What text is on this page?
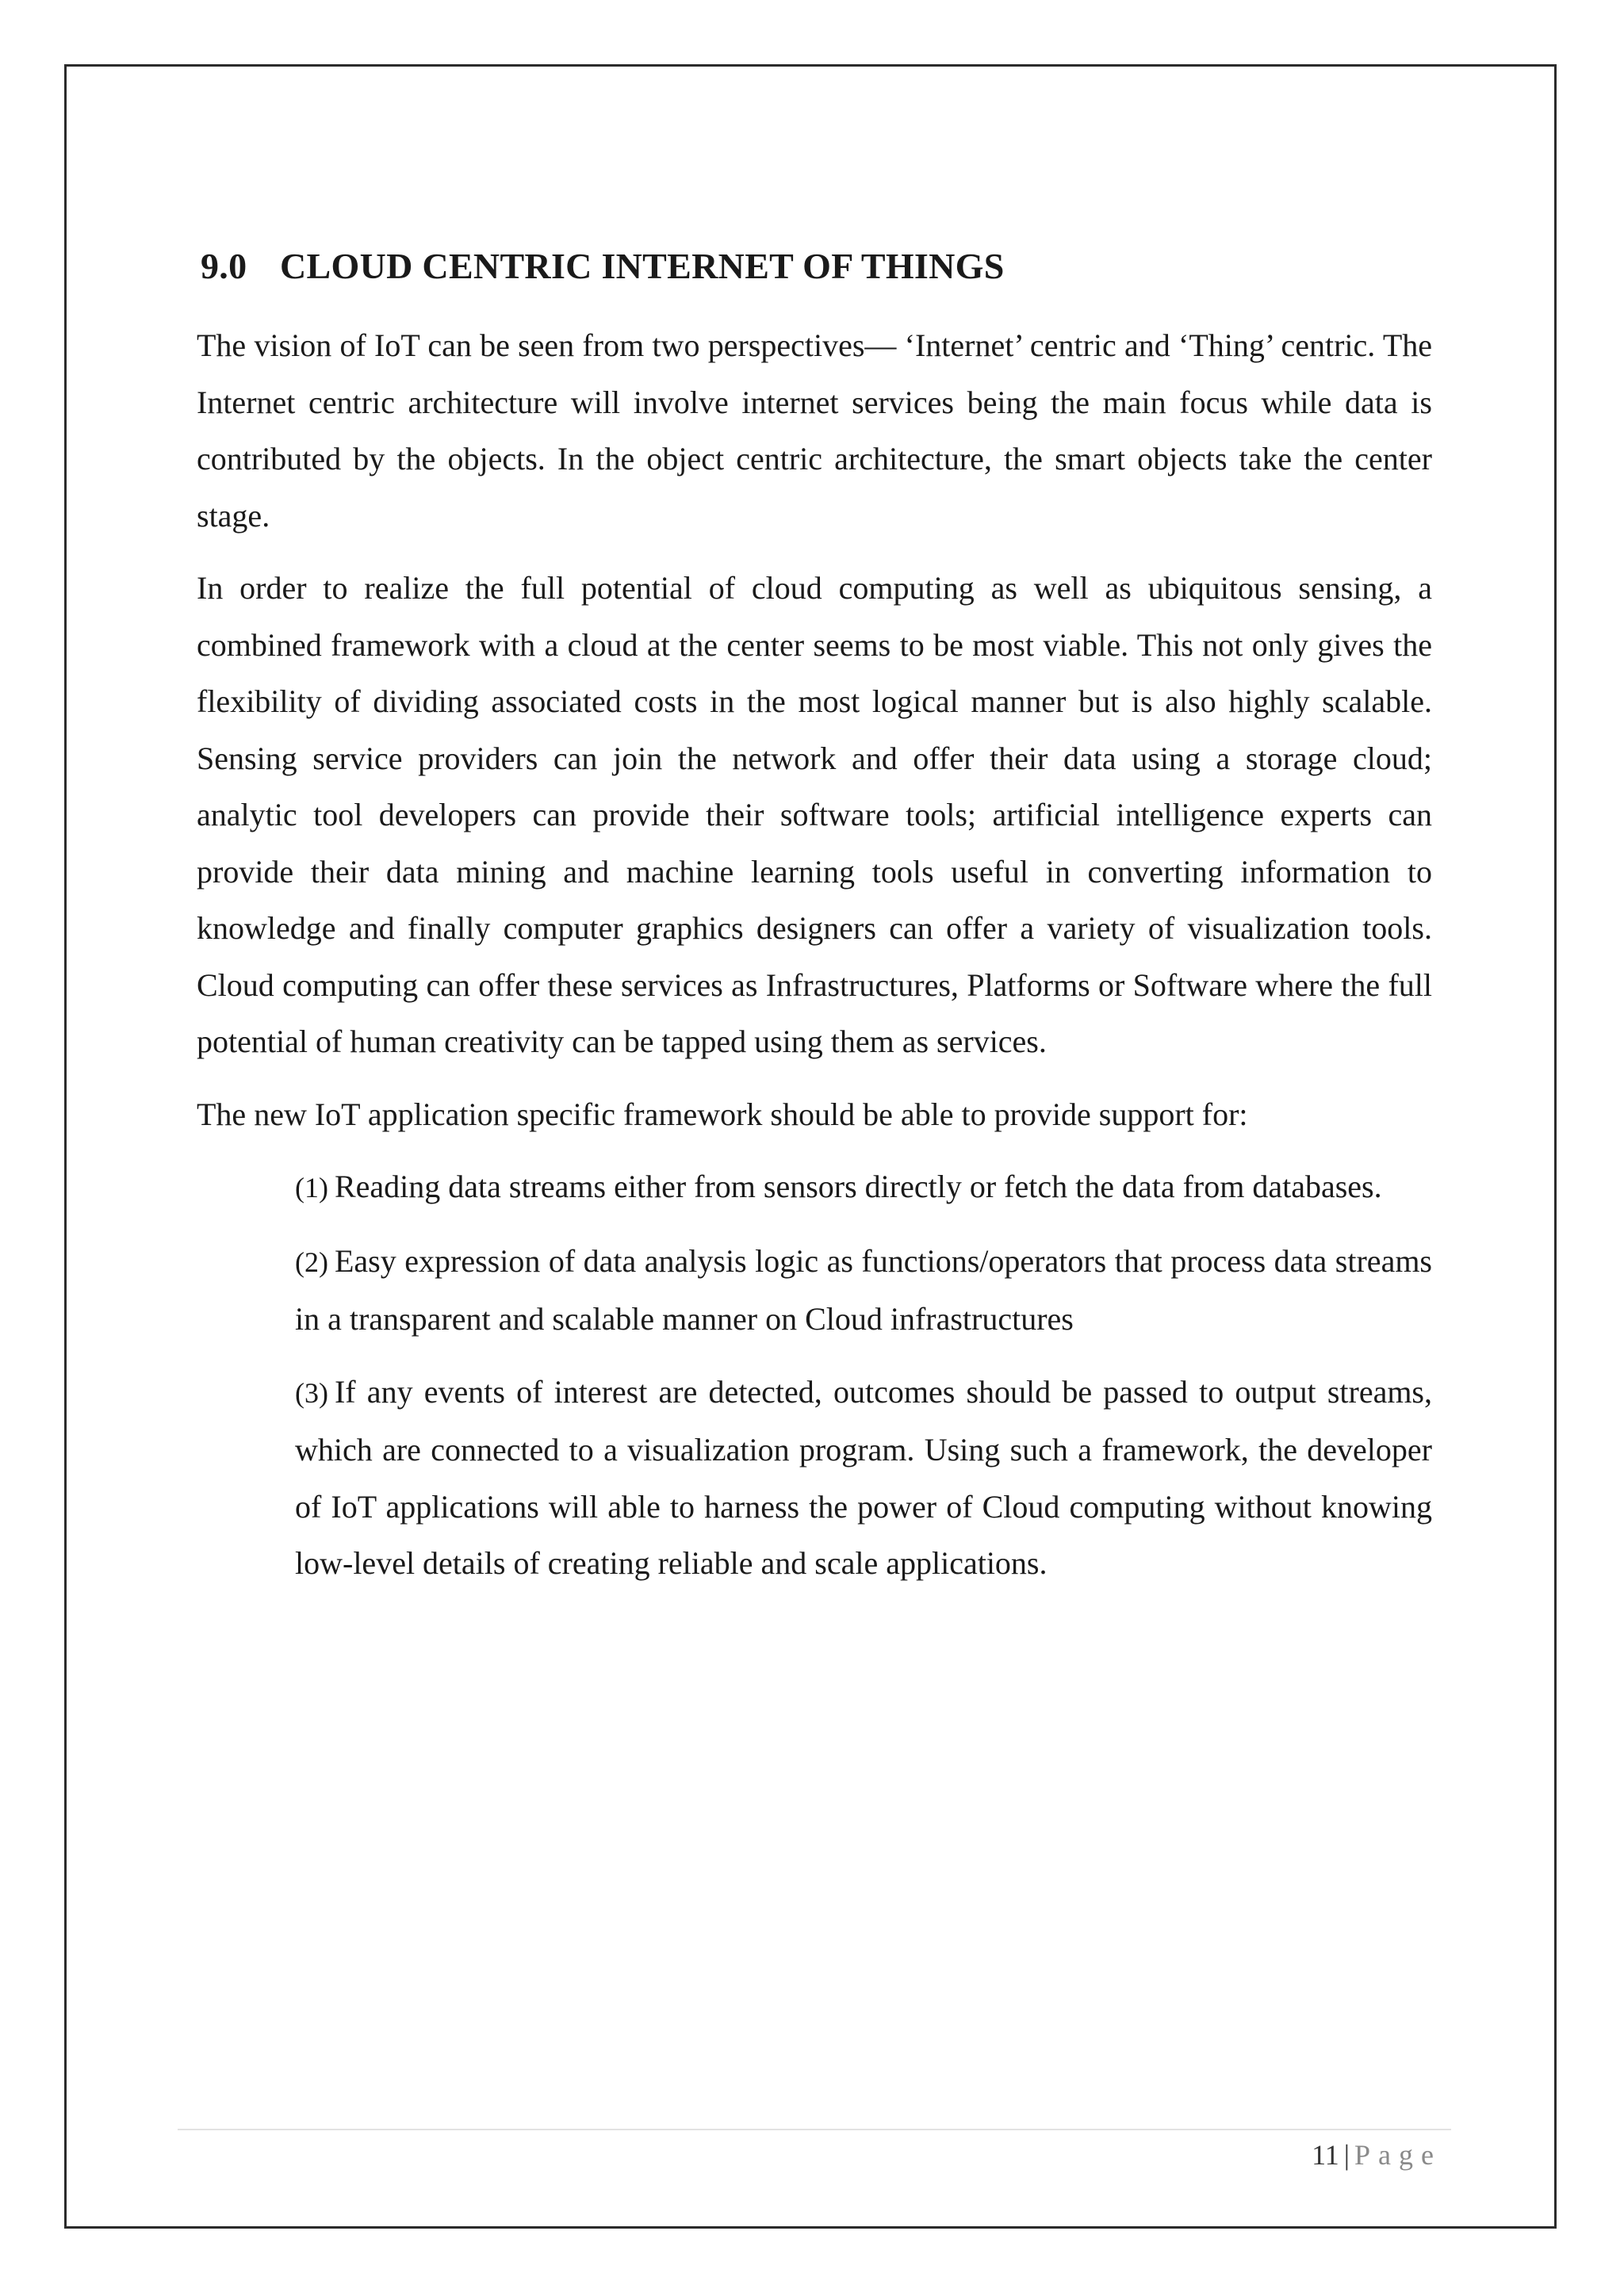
9.0 CLOUD CENTRIC INTERNET OF THINGS

The vision of IoT can be seen from two perspectives— ‘Internet’ centric and ‘Thing’ centric. The Internet centric architecture will involve internet services being the main focus while data is contributed by the objects. In the object centric architecture, the smart objects take the center stage.

In order to realize the full potential of cloud computing as well as ubiquitous sensing, a combined framework with a cloud at the center seems to be most viable. This not only gives the flexibility of dividing associated costs in the most logical manner but is also highly scalable. Sensing service providers can join the network and offer their data using a storage cloud; analytic tool developers can provide their software tools; artificial intelligence experts can provide their data mining and machine learning tools useful in converting information to knowledge and finally computer graphics designers can offer a variety of visualization tools. Cloud computing can offer these services as Infrastructures, Platforms or Software where the full potential of human creativity can be tapped using them as services.

The new IoT application specific framework should be able to provide support for:

(1) Reading data streams either from sensors directly or fetch the data from databases.
(2) Easy expression of data analysis logic as functions/operators that process data streams in a transparent and scalable manner on Cloud infrastructures
(3) If any events of interest are detected, outcomes should be passed to output streams, which are connected to a visualization program. Using such a framework, the developer of IoT applications will able to harness the power of Cloud computing without knowing low-level details of creating reliable and scale applications.
11 | Page
